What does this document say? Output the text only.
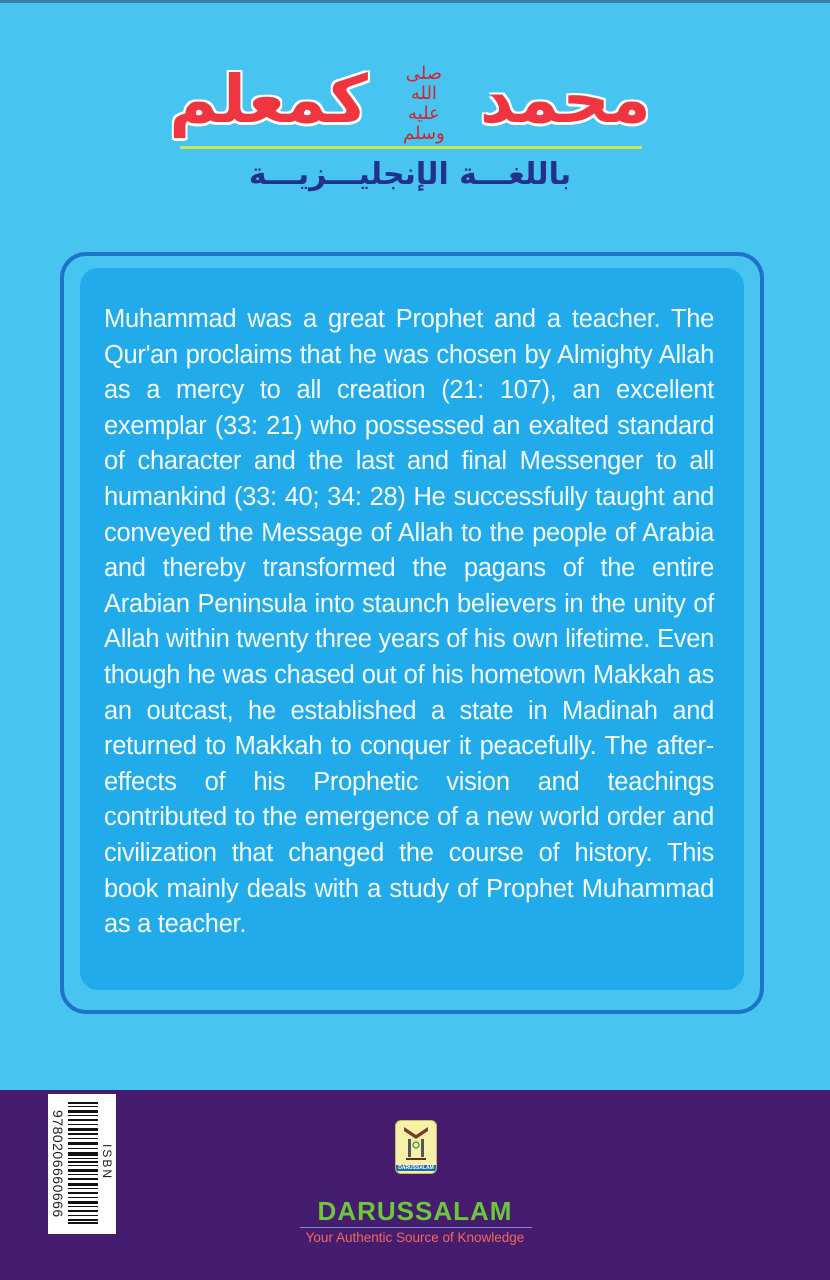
محمد صلى الله عليه وسلم كمعلم
باللغـــة الإنجليـــزيـــة

Muhammad was a great Prophet and a teacher. The Qur'an proclaims that he was chosen by Almighty Allah as a mercy to all creation (21: 107), an excellent exemplar (33: 21) who possessed an exalted standard of character and the last and final Messenger to all humankind (33: 40; 34: 28) He successfully taught and conveyed the Message of Allah to the people of Arabia and thereby transformed the pagans of the entire Arabian Peninsula into staunch believers in the unity of Allah within twenty three years of his own lifetime. Even though he was chased out of his hometown Makkah as an outcast, he established a state in Madinah and returned to Makkah to conquer it peacefully. The after-effects of his Prophetic vision and teachings contributed to the emergence of a new world order and civilization that changed the course of history. This book mainly deals with a study of Prophet Muhammad as a teacher.

9780206660666	ISBN	DARUSSALAM
DARUSSALAM
Your Authentic Source of Knowledge
